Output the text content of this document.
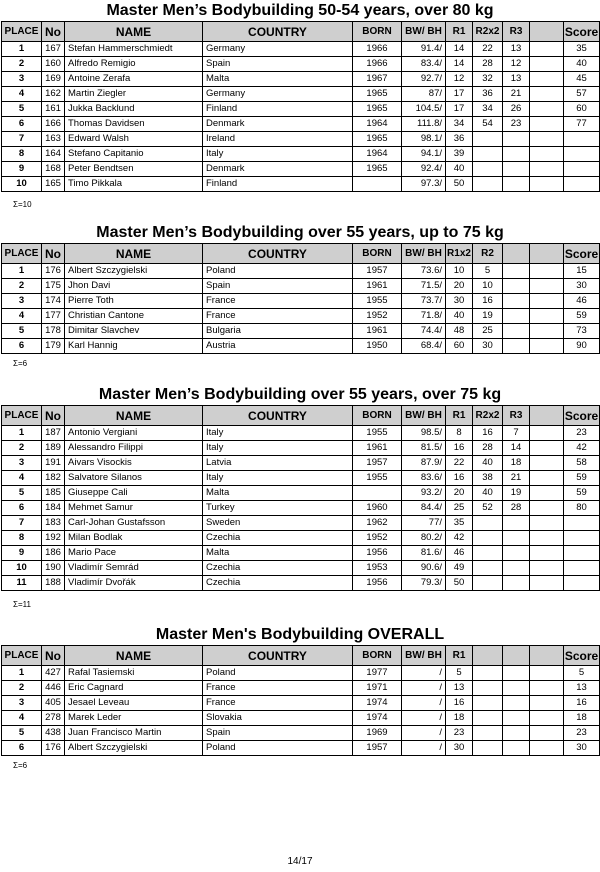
Master Men’s Bodybuilding 50-54 years, over 80 kg
PLACE	No	NAME	COUNTRY	BORN	BW/ BH	R1	R2x2	R3		Score
1	167	Stefan Hammerschmiedt	Germany	1966	91.4/	14	22	13		35
2	160	Alfredo Remigio	Spain	1966	83.4/	14	28	12		40
3	169	Antoine Zerafa	Malta	1967	92.7/	12	32	13		45
4	162	Martin Ziegler	Germany	1965	87/	17	36	21		57
5	161	Jukka Backlund	Finland	1965	104.5/	17	34	26		60
6	166	Thomas Davidsen	Denmark	1964	111.8/	34	54	23		77
7	163	Edward Walsh	Ireland	1965	98.1/	36				
8	164	Stefano Capitanio	Italy	1964	94.1/	39				
9	168	Peter Bendtsen	Denmark	1965	92.4/	40				
10	165	Timo Pikkala	Finland		97.3/	50				
Σ=10
Master Men’s Bodybuilding over 55 years, up to 75 kg
PLACE	No	NAME	COUNTRY	BORN	BW/ BH	R1x2	R2			Score
1	176	Albert Szczygielski	Poland	1957	73.6/	10	5			15
2	175	Jhon Davi	Spain	1961	71.5/	20	10			30
3	174	Pierre Toth	France	1955	73.7/	30	16			46
4	177	Christian Cantone	France	1952	71.8/	40	19			59
5	178	Dimitar Slavchev	Bulgaria	1961	74.4/	48	25			73
6	179	Karl Hannig	Austria	1950	68.4/	60	30			90
Σ=6
Master Men’s Bodybuilding over 55 years, over 75 kg
PLACE	No	NAME	COUNTRY	BORN	BW/ BH	R1	R2x2	R3		Score
1	187	Antonio Vergiani	Italy	1955	98.5/	8	16	7		23
2	189	Alessandro Filippi	Italy	1961	81.5/	16	28	14		42
3	191	Aivars Visockis	Latvia	1957	87.9/	22	40	18		58
4	182	Salvatore Silanos	Italy	1955	83.6/	16	38	21		59
5	185	Giuseppe Cali	Malta		93.2/	20	40	19		59
6	184	Mehmet Samur	Turkey	1960	84.4/	25	52	28		80
7	183	Carl-Johan Gustafsson	Sweden	1962	77/	35				
8	192	Milan Bodlak	Czechia	1952	80.2/	42				
9	186	Mario Pace	Malta	1956	81.6/	46				
10	190	Vladimír Semrád	Czechia	1953	90.6/	49				
11	188	Vladimír Dvořák	Czechia	1956	79.3/	50				
Σ=11
Master Men's Bodybuilding OVERALL
PLACE	No	NAME	COUNTRY	BORN	BW/ BH	R1				Score
1	427	Rafal Tasiemski	Poland	1977	/	5				5
2	446	Eric Cagnard	France	1971	/	13				13
3	405	Jesael Leveau	France	1974	/	16				16
4	278	Marek Leder	Slovakia	1974	/	18				18
5	438	Juan Francisco Martin	Spain	1969	/	23				23
6	176	Albert Szczygielski	Poland	1957	/	30				30
Σ=6
14/17
